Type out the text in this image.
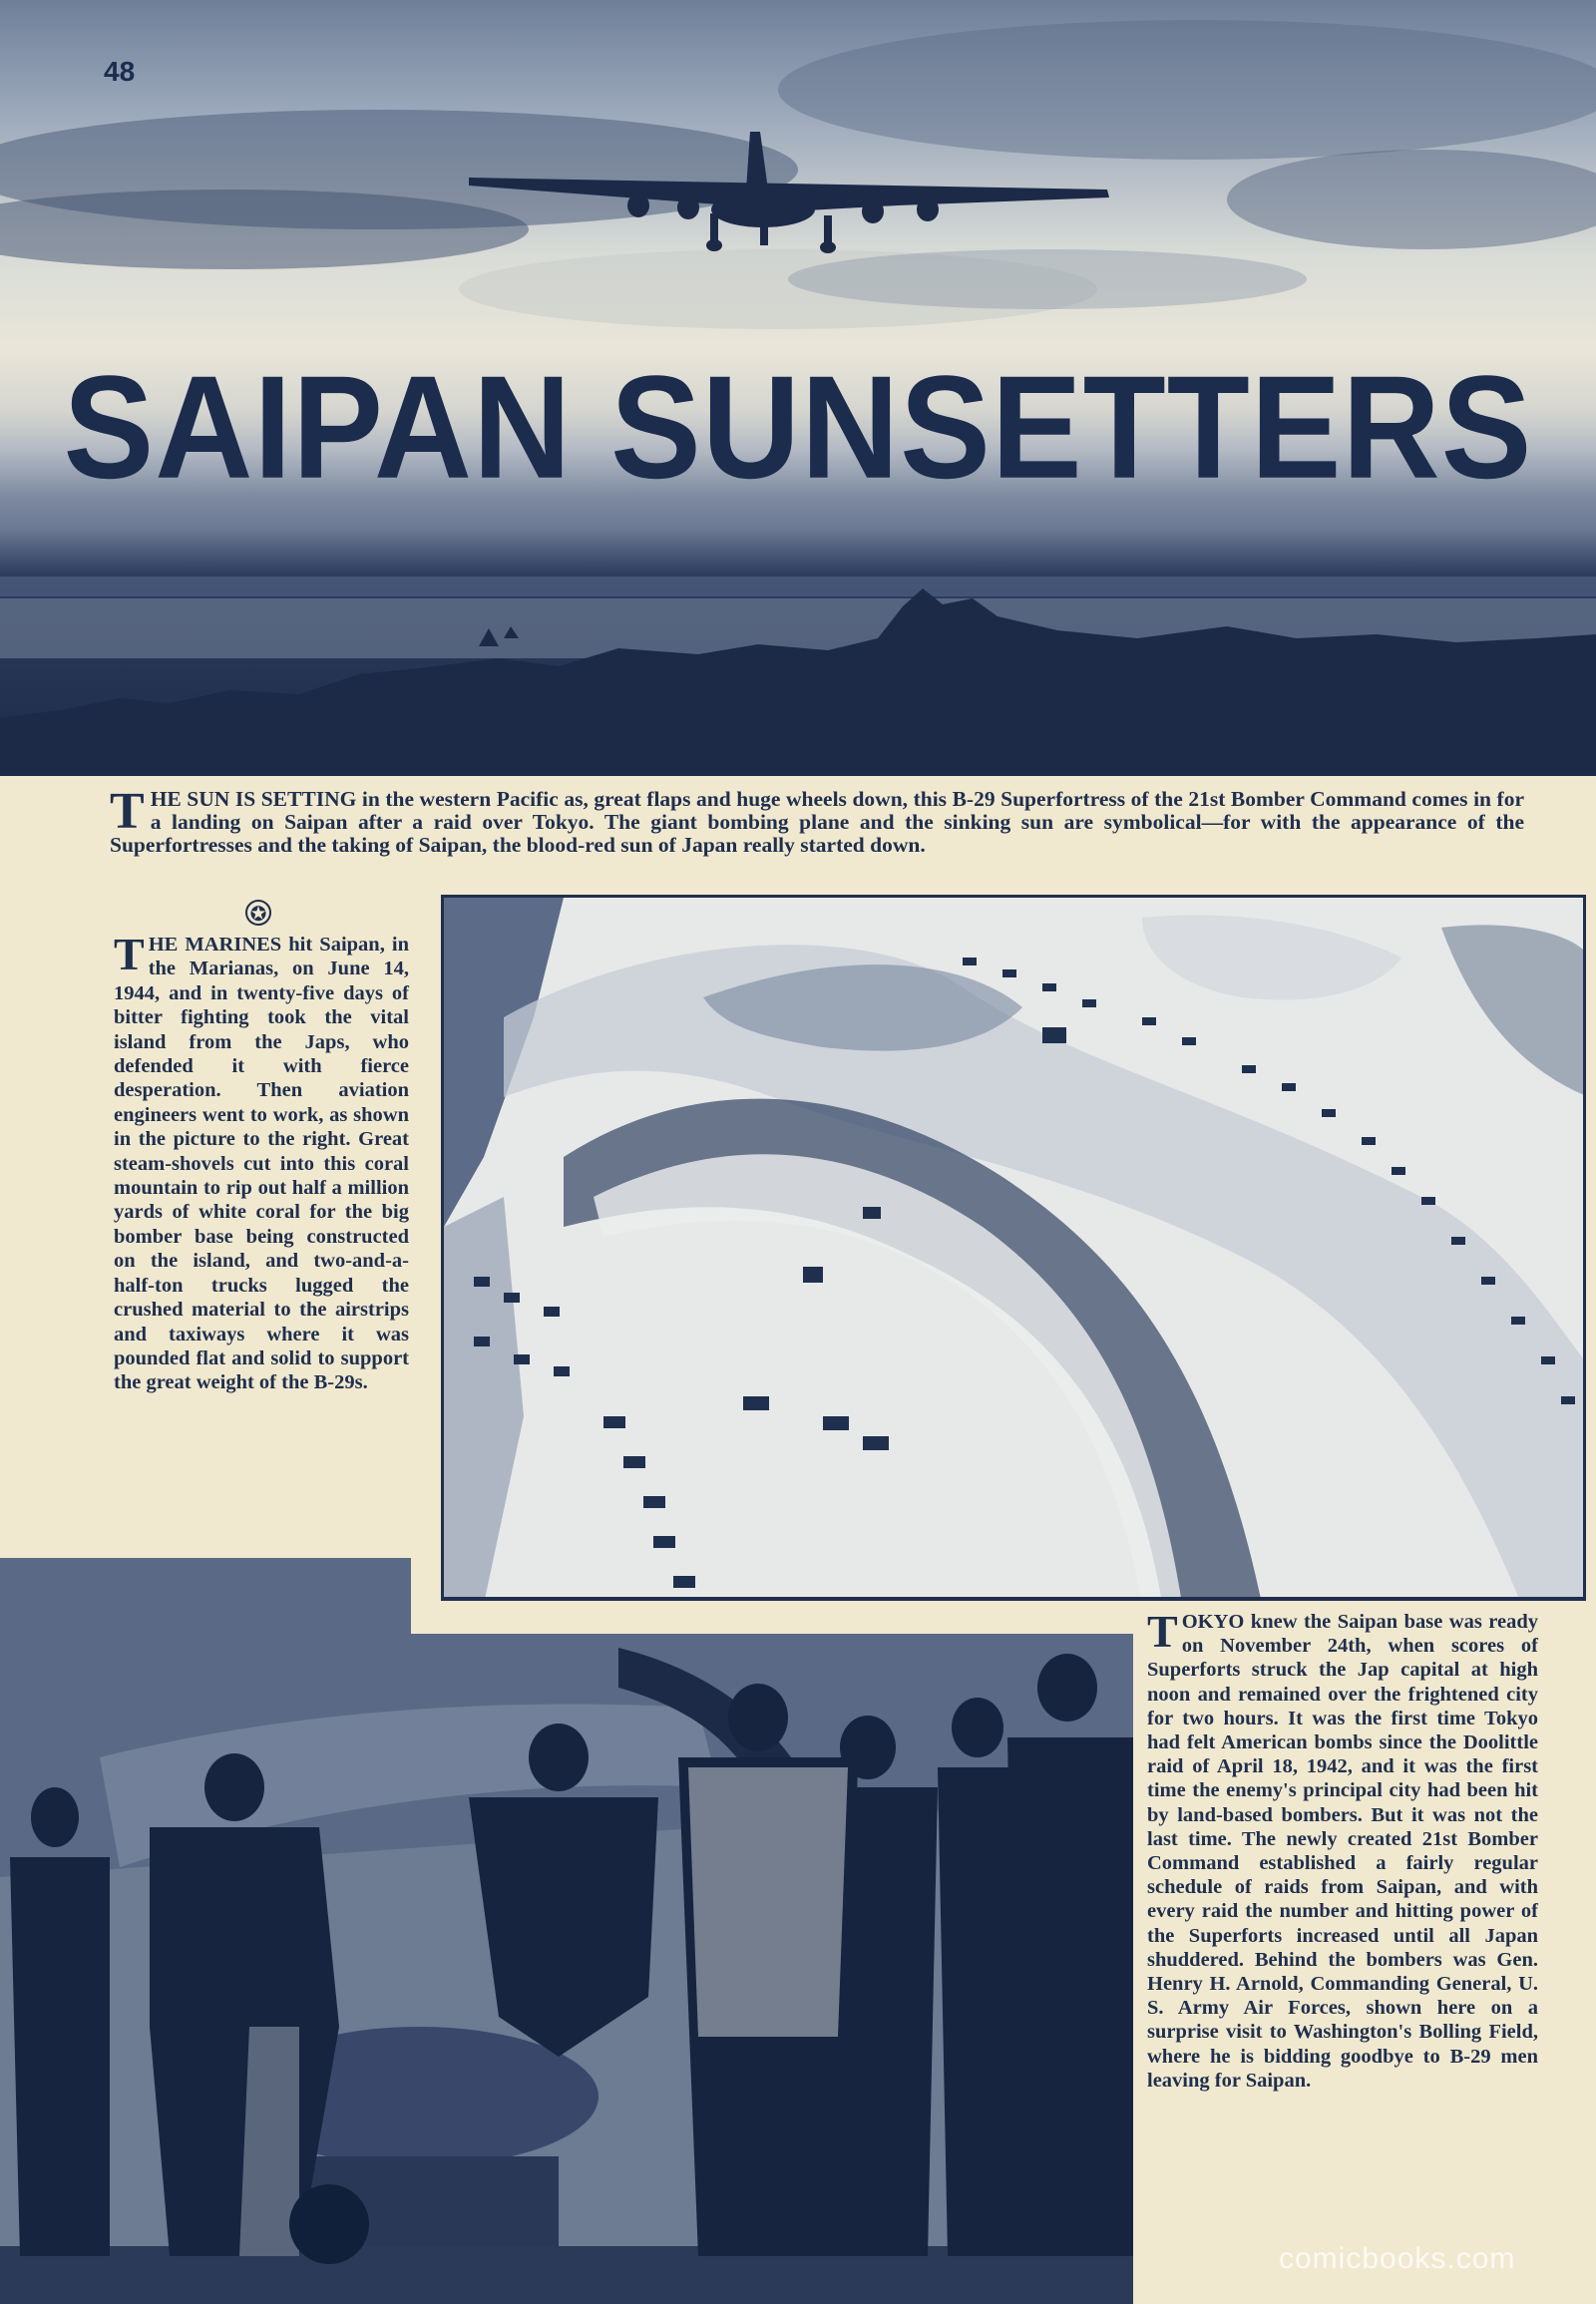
48
SAIPAN SUNSETTERS

THE SUN IS SETTING in the western Pacific as, great flaps and huge wheels down, this B-29 Superfortress of the 21st Bomber Command comes in for a landing on Saipan after a raid over Tokyo. The giant bombing plane and the sinking sun are symbolical—for with the appearance of the Superfortresses and the taking of Saipan, the blood-red sun of Japan really started down.

✪

THE MARINES hit Saipan, in the Marianas, on June 14, 1944, and in twenty-five days of bitter fighting took the vital island from the Japs, who defended it with fierce desperation. Then aviation engineers went to work, as shown in the picture to the right. Great steam-shovels cut into this coral mountain to rip out half a million yards of white coral for the big bomber base being constructed on the island, and two-and-a-half-ton trucks lugged the crushed material to the airstrips and taxiways where it was pounded flat and solid to support the great weight of the B-29s.

TOKYO knew the Saipan base was ready on November 24th, when scores of Superforts struck the Jap capital at high noon and remained over the frightened city for two hours. It was the first time Tokyo had felt American bombs since the Doolittle raid of April 18, 1942, and it was the first time the enemy's principal city had been hit by land-based bombers. But it was not the last time. The newly created 21st Bomber Command established a fairly regular schedule of raids from Saipan, and with every raid the number and hitting power of the Superforts increased until all Japan shuddered. Behind the bombers was Gen. Henry H. Arnold, Commanding General, U. S. Army Air Forces, shown here on a surprise visit to Washington's Bolling Field, where he is bidding goodbye to B-29 men leaving for Saipan.

comicbooks.com
